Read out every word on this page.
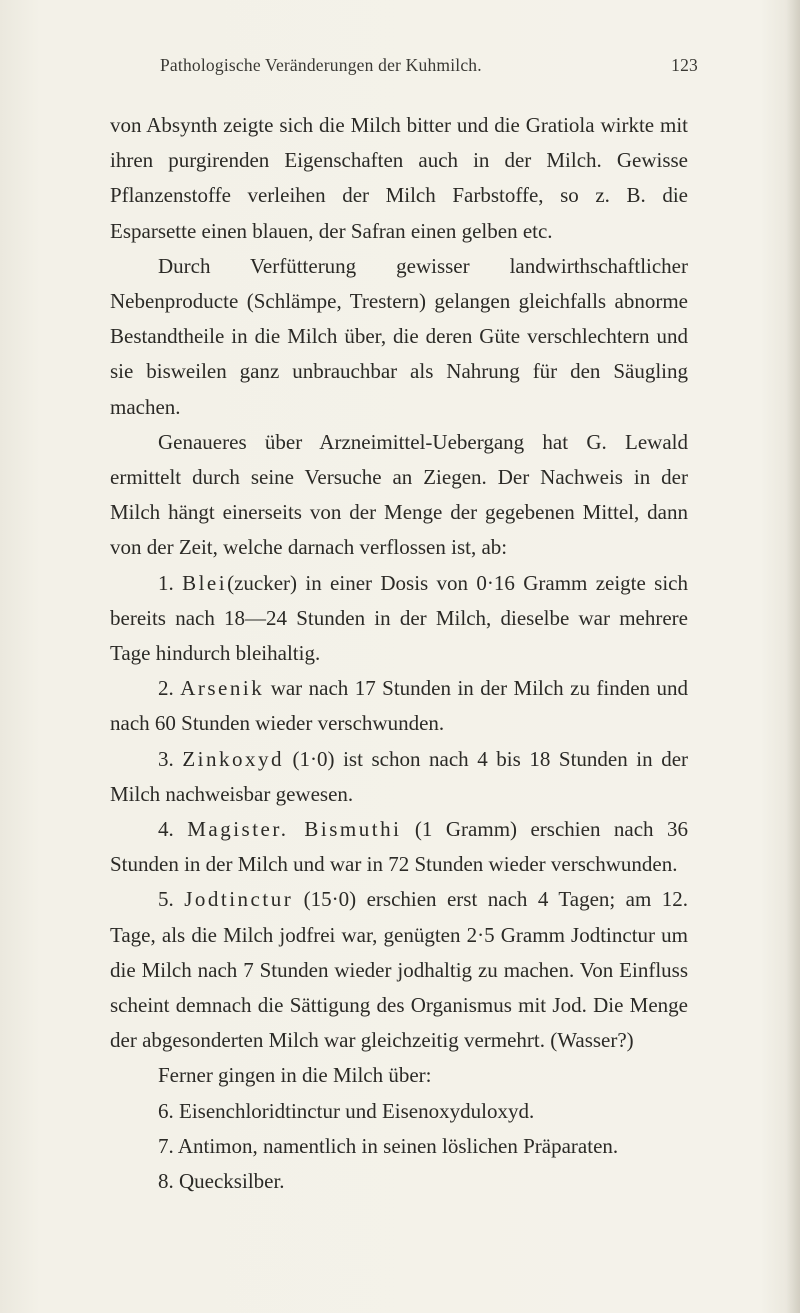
Pathologische Veränderungen der Kuhmilch.	123

von Absynth zeigte sich die Milch bitter und die Gratiola wirkte mit ihren purgirenden Eigenschaften auch in der Milch. Gewisse Pflanzenstoffe verleihen der Milch Farbstoffe, so z. B. die Esparsette einen blauen, der Safran einen gelben etc.

Durch Verfütterung gewisser landwirthschaftlicher Nebenproducte (Schlämpe, Trestern) gelangen gleichfalls abnorme Bestandtheile in die Milch über, die deren Güte verschlechtern und sie bisweilen ganz unbrauchbar als Nahrung für den Säugling machen.

Genaueres über Arzneimittel-Uebergang hat G. Lewald ermittelt durch seine Versuche an Ziegen. Der Nachweis in der Milch hängt einerseits von der Menge der gegebenen Mittel, dann von der Zeit, welche darnach verflossen ist, ab:

1. Blei(zucker) in einer Dosis von 0·16 Gramm zeigte sich bereits nach 18—24 Stunden in der Milch, dieselbe war mehrere Tage hindurch bleihaltig.

2. Arsenik war nach 17 Stunden in der Milch zu finden und nach 60 Stunden wieder verschwunden.

3. Zinkoxyd (1·0) ist schon nach 4 bis 18 Stunden in der Milch nachweisbar gewesen.

4. Magister. Bismuthi (1 Gramm) erschien nach 36 Stunden in der Milch und war in 72 Stunden wieder verschwunden.

5. Jodtinctur (15·0) erschien erst nach 4 Tagen; am 12. Tage, als die Milch jodfrei war, genügten 2·5 Gramm Jodtinctur um die Milch nach 7 Stunden wieder jodhaltig zu machen. Von Einfluss scheint demnach die Sättigung des Organismus mit Jod. Die Menge der abgesonderten Milch war gleichzeitig vermehrt. (Wasser?)

Ferner gingen in die Milch über:

6. Eisenchloridtinctur und Eisenoxyduloxyd.

7. Antimon, namentlich in seinen löslichen Präparaten.

8. Quecksilber.
